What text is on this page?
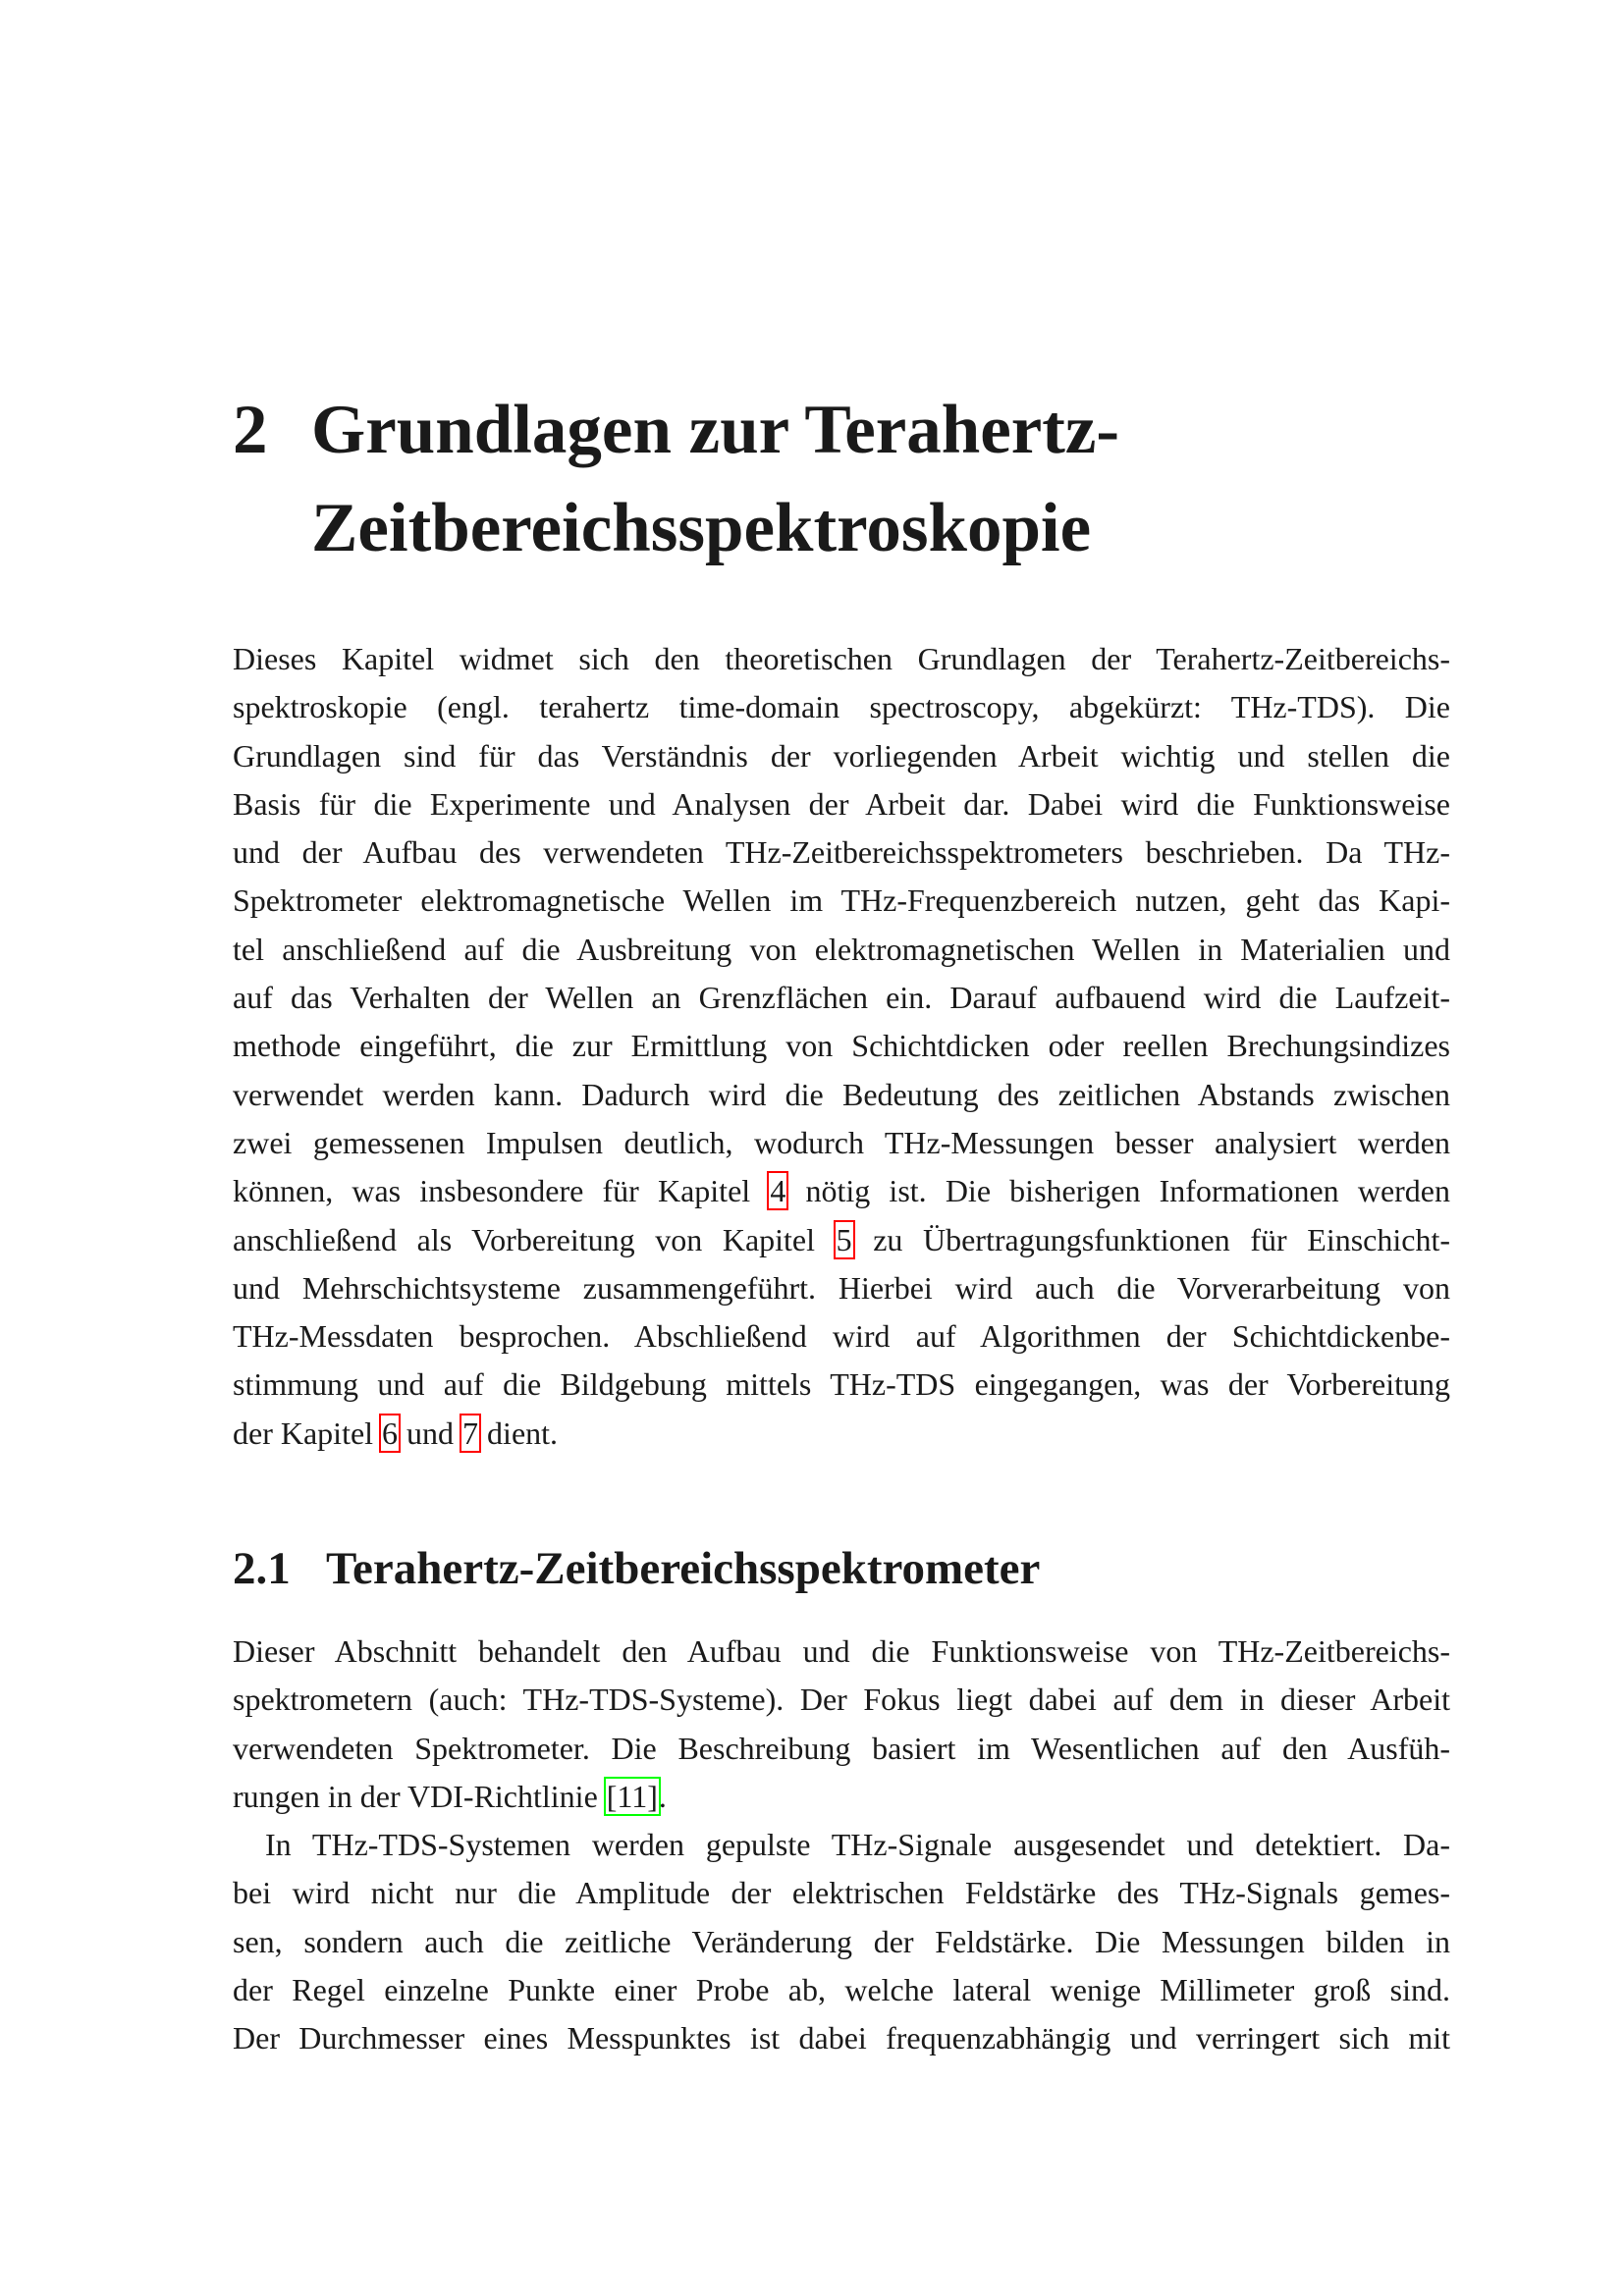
2 Grundlagen zur Terahertz-
Zeitbereichsspektroskopie
Dieses Kapitel widmet sich den theoretischen Grundlagen der Terahertz-Zeitbereichs-
spektroskopie (engl. terahertz time-domain spectroscopy, abgekürzt: THz-TDS). Die
Grundlagen sind für das Verständnis der vorliegenden Arbeit wichtig und stellen die
Basis für die Experimente und Analysen der Arbeit dar. Dabei wird die Funktionsweise
und der Aufbau des verwendeten THz-Zeitbereichsspektrometers beschrieben. Da THz-
Spektrometer elektromagnetische Wellen im THz-Frequenzbereich nutzen, geht das Kapi-
tel anschließend auf die Ausbreitung von elektromagnetischen Wellen in Materialien und
auf das Verhalten der Wellen an Grenzflächen ein. Darauf aufbauend wird die Laufzeit-
methode eingeführt, die zur Ermittlung von Schichtdicken oder reellen Brechungsindizes
verwendet werden kann. Dadurch wird die Bedeutung des zeitlichen Abstands zwischen
zwei gemessenen Impulsen deutlich, wodurch THz-Messungen besser analysiert werden
können, was insbesondere für Kapitel 4 nötig ist. Die bisherigen Informationen werden
anschließend als Vorbereitung von Kapitel 5 zu Übertragungsfunktionen für Einschicht-
und Mehrschichtsysteme zusammengeführt. Hierbei wird auch die Vorverarbeitung von
THz-Messdaten besprochen. Abschließend wird auf Algorithmen der Schichtdickenbe-
stimmung und auf die Bildgebung mittels THz-TDS eingegangen, was der Vorbereitung
der Kapitel 6 und 7 dient.
2.1 Terahertz-Zeitbereichsspektrometer
Dieser Abschnitt behandelt den Aufbau und die Funktionsweise von THz-Zeitbereichs-
spektrometern (auch: THz-TDS-Systeme). Der Fokus liegt dabei auf dem in dieser Arbeit
verwendeten Spektrometer. Die Beschreibung basiert im Wesentlichen auf den Ausfüh-
rungen in der VDI-Richtlinie [11].
In THz-TDS-Systemen werden gepulste THz-Signale ausgesendet und detektiert. Da-
bei wird nicht nur die Amplitude der elektrischen Feldstärke des THz-Signals gemes-
sen, sondern auch die zeitliche Veränderung der Feldstärke. Die Messungen bilden in
der Regel einzelne Punkte einer Probe ab, welche lateral wenige Millimeter groß sind.
Der Durchmesser eines Messpunktes ist dabei frequenzabhängig und verringert sich mit
